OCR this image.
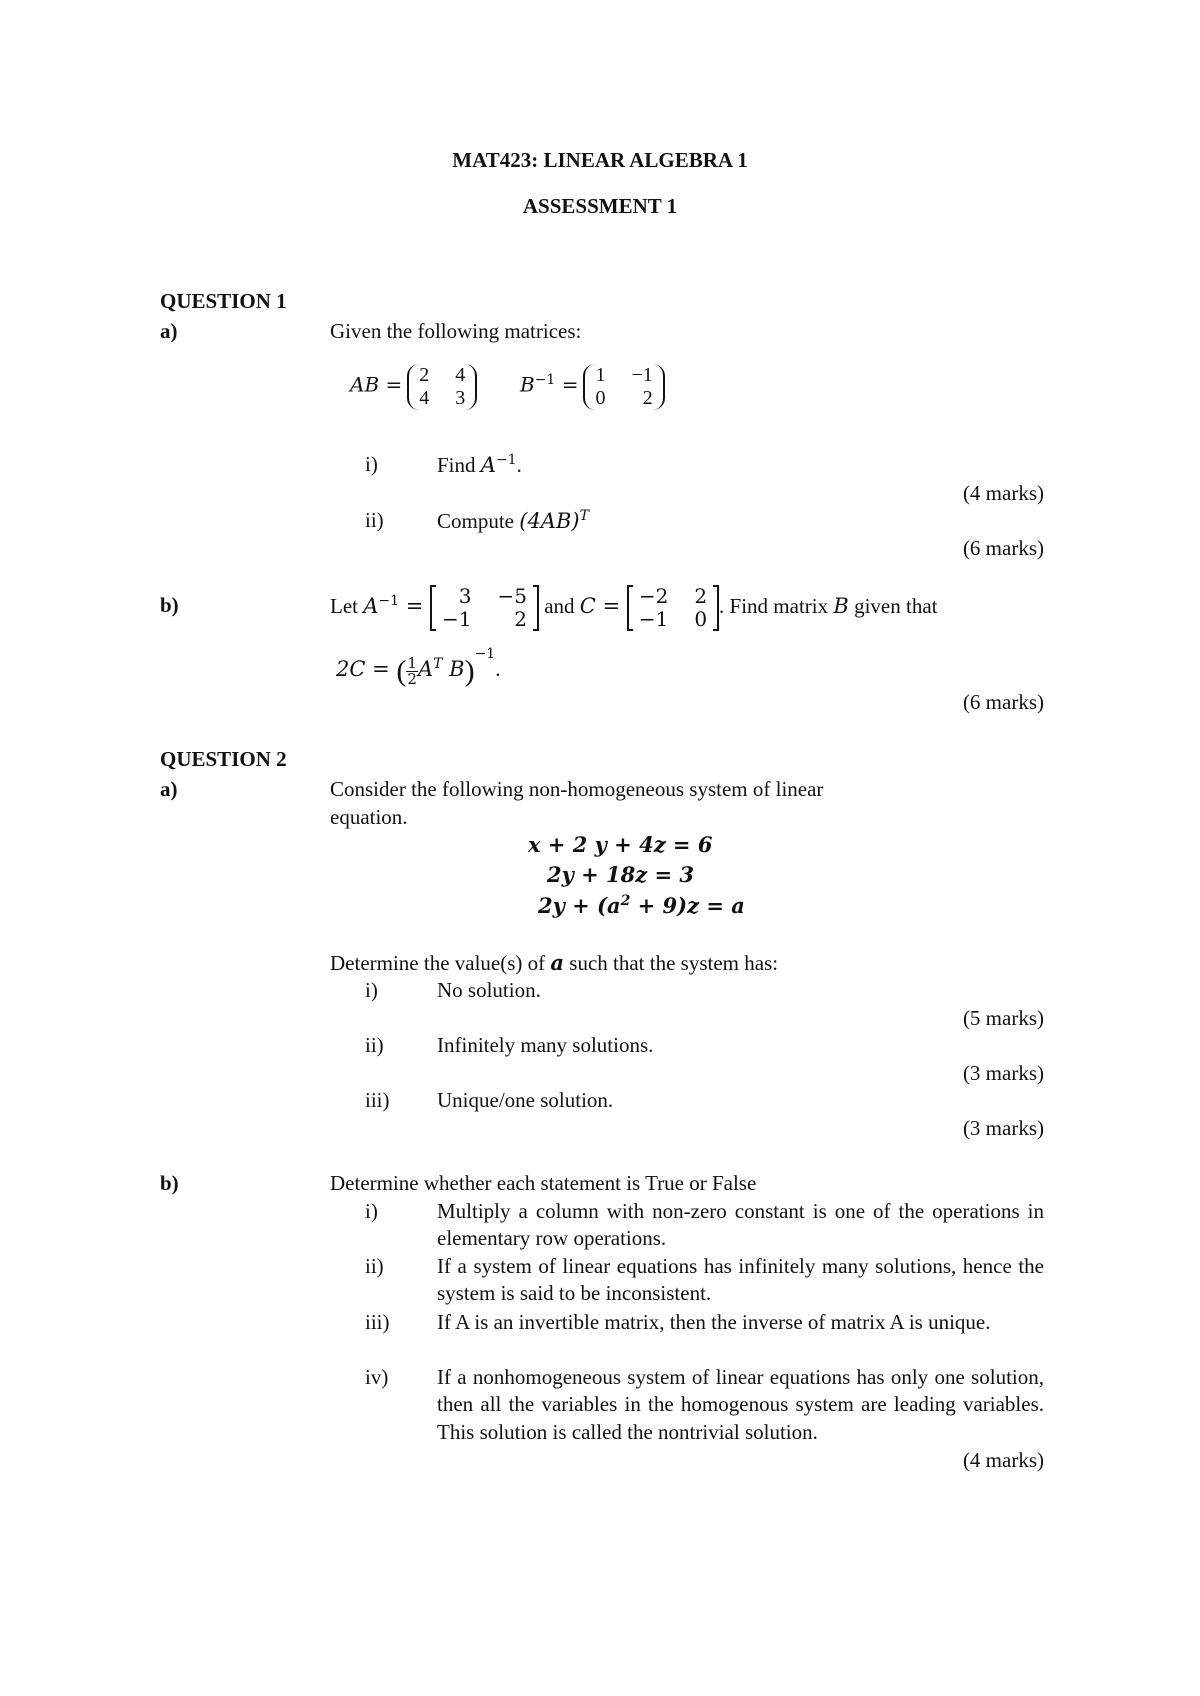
MAT423: LINEAR ALGEBRA 1
ASSESSMENT 1
QUESTION 1
a)	Given the following matrices:
AB = 2 4
4 3
$B^{-1} = 1 -1$
0	2
i)	Find $A^{-1}$.
(4 marks)
ii)	Compute $(4AB)^T$
(6 marks)
b)	Let $A^{-1}$ =	3 −5
−1	2
and C = −2 2
−1 0
. Find matrix B given that
2C = ( $\frac{1}{2} A^T$ B)$^{-1}$.
(6 marks)
QUESTION 2
a)	Consider the following non-homogeneous system of linear
equation.
x + 2 y + 4z = 6
2y + 18z = 3
$2y + (a^2 + 9)z = a$
Determine the value(s) of a such that the system has:
i)	No solution.
(5 marks)
ii)	Infinitely many solutions.
(3 marks)
iii) Unique/one solution.
(3 marks)
b)	Determine whether each statement is True or False
i)	Multiply a column with non-zero constant is one of the operations in elementary row operations.
ii)	If a system of linear equations has infinitely many solutions, hence the system is said to be inconsistent.
iii) If A is an invertible matrix, then the inverse of matrix A is unique.
iv) If a nonhomogeneous system of linear equations has only one solution, then all the variables in the homogenous system are leading variables. This solution is called the nontrivial solution.
(4 marks)
